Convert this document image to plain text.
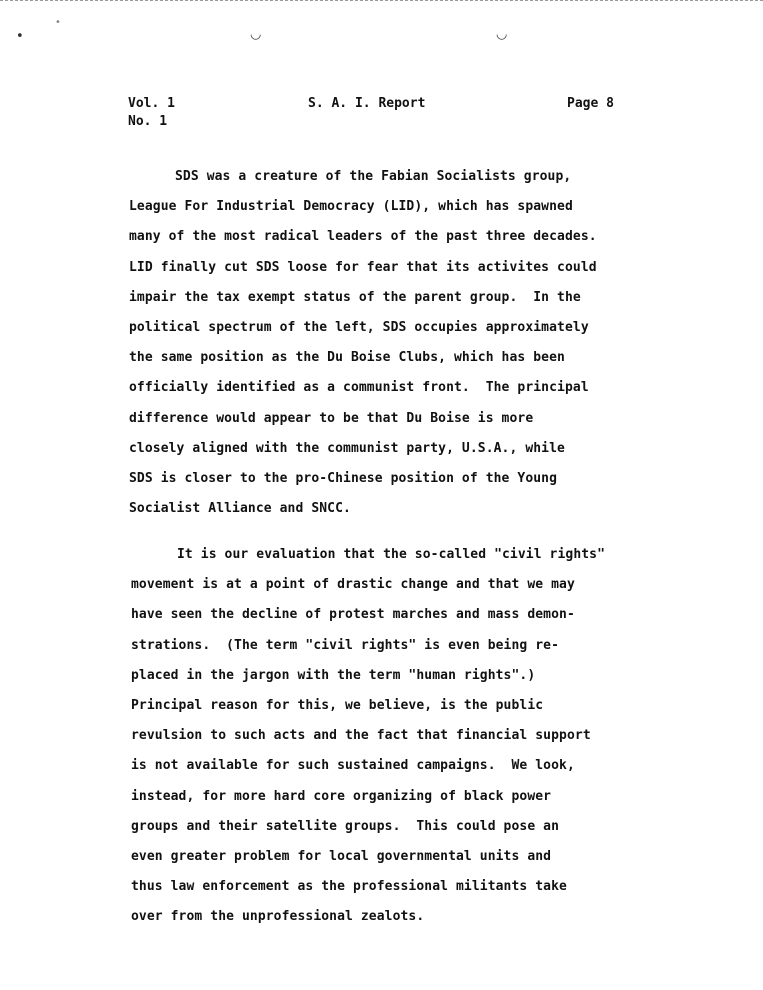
•
•
◡	◡
Vol. 1
No. 1
S. A. I. Report	Page 8
SDS was a creature of the Fabian Socialists group,
League For Industrial Democracy (LID), which has spawned
many of the most radical leaders of the past three decades.
LID finally cut SDS loose for fear that its activites could
impair the tax exempt status of the parent group.  In the
political spectrum of the left, SDS occupies approximately
the same position as the Du Boise Clubs, which has been
officially identified as a communist front.  The principal
difference would appear to be that Du Boise is more
closely aligned with the communist party, U.S.A., while
SDS is closer to the pro-Chinese position of the Young
Socialist Alliance and SNCC.
It is our evaluation that the so-called "civil rights"
movement is at a point of drastic change and that we may
have seen the decline of protest marches and mass demon-
strations.  (The term "civil rights" is even being re-
placed in the jargon with the term "human rights".)
Principal reason for this, we believe, is the public
revulsion to such acts and the fact that financial support
is not available for such sustained campaigns.  We look,
instead, for more hard core organizing of black power
groups and their satellite groups.  This could pose an
even greater problem for local governmental units and
thus law enforcement as the professional militants take
over from the unprofessional zealots.
